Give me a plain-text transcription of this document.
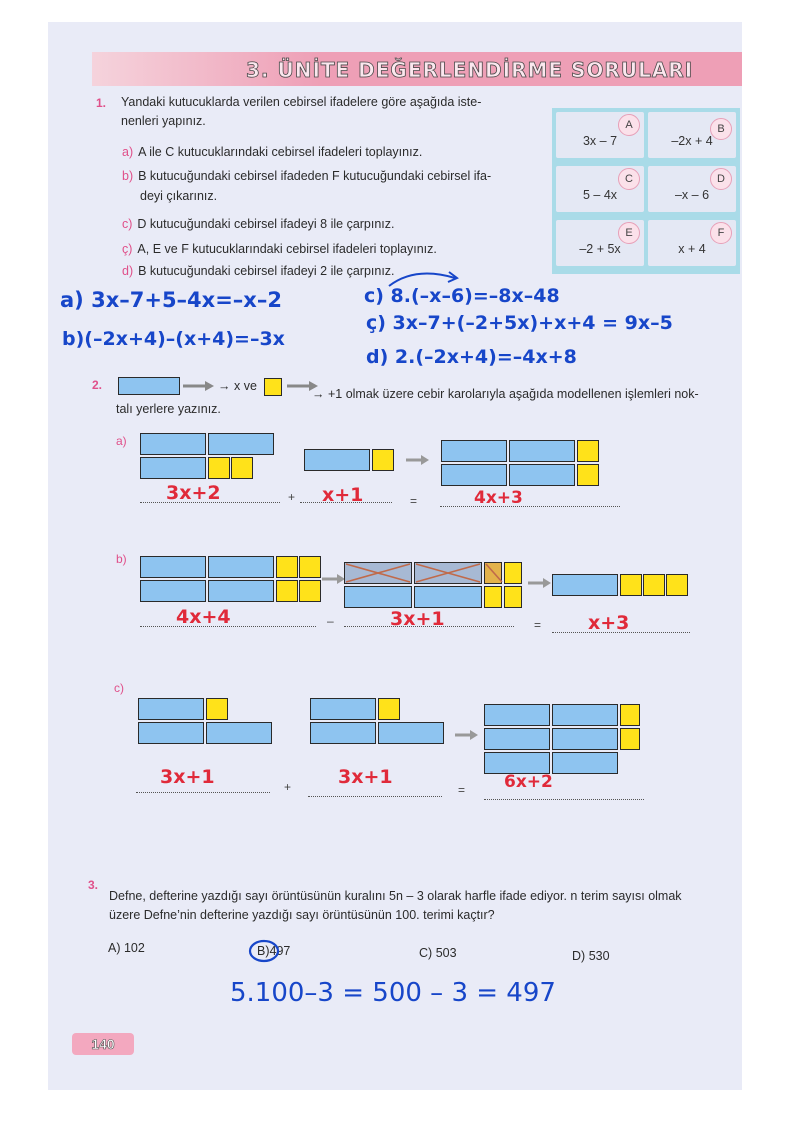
3. ÜNİTE DEĞERLENDİRME SORULARI
1. Yandaki kutucuklarda verilen cebirsel ifadelere göre aşağıda iste-
nenleri yapınız.
a) A ile C kutucuklarındaki cebirsel ifadeleri toplayınız.
b) B kutucuğundaki cebirsel ifadeden F kutucuğundaki cebirsel ifa-
deyi çıkarınız.
c) D kutucuğundaki cebirsel ifadeyi 8 ile çarpınız.
ç) A, E ve F kutucuklarındaki cebirsel ifadeleri toplayınız.
d) B kutucuğundaki cebirsel ifadeyi 2 ile çarpınız.
A
3x – 7
B
–2x + 4
C
5 – 4x
D
–x – 6
E
–2 + 5x
F
x + 4
a) 3x–7+5–4x=–x–2
b)(–2x+4)–(x+4)=–3x
c) 8.(–x–6)=–8x–48
ç) 3x–7+(–2+5x)+x+4 = 9x–5
d) 2.(–2x+4)=–4x+8
2.	→ x ve
→ +1 olmak üzere cebir karolarıyla aşağıda modellenen işlemleri nok-
talı yerlere yazınız.
a)
+	=
3x+2	x+1	4x+3
b)
–	=
4x+4	3x+1	x+3
c)
+	=
3x+1	3x+1	6x+2
3.
Defne, defterine yazdığı sayı örüntüsünün kuralını 5n – 3 olarak harfle ifade ediyor. n terim sayısı olmak
üzere Defne’nin defterine yazdığı sayı örüntüsünün 100. terimi kaçtır?
A) 102	B)497	C) 503	D) 530
5.100–3 = 500 – 3 = 497
140
